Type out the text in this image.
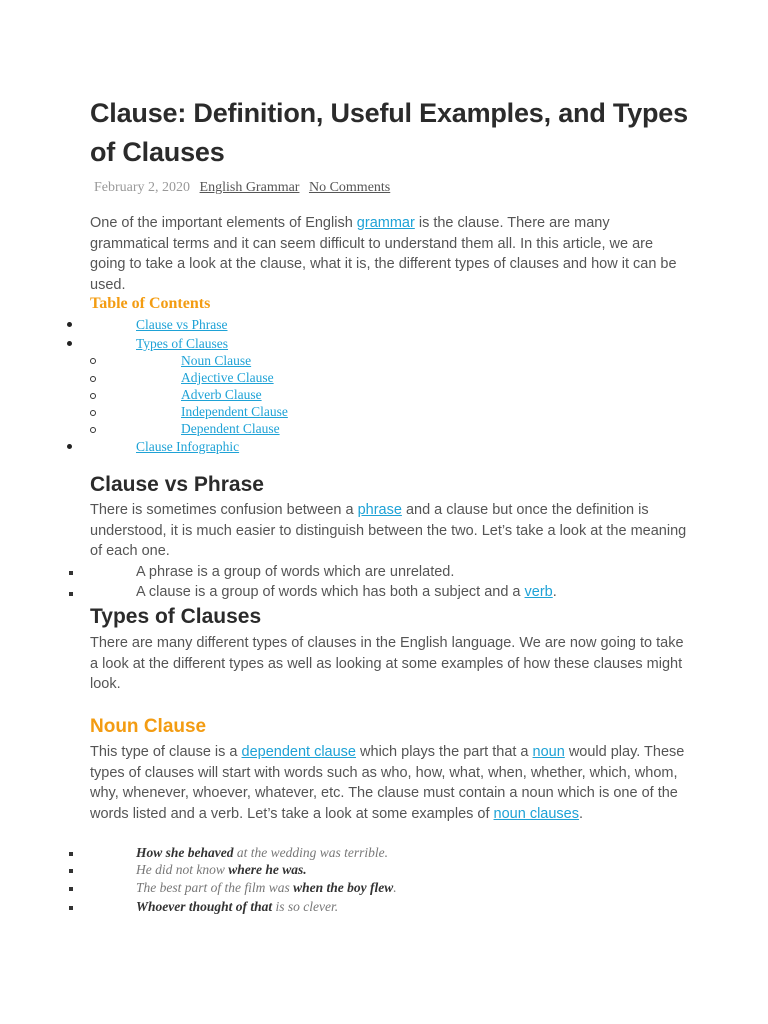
Clause: Definition, Useful Examples, and Types of Clauses
February 2, 2020 English Grammar No Comments

One of the important elements of English grammar is the clause. There are many grammatical terms and it can seem difficult to understand them all. In this article, we are going to take a look at the clause, what it is, the different types of clauses and how it can be used.

Table of Contents
Clause vs Phrase
Types of Clauses
Noun Clause
Adjective Clause
Adverb Clause
Independent Clause
Dependent Clause
Clause Infographic
Clause vs Phrase

There is sometimes confusion between a phrase and a clause but once the definition is understood, it is much easier to distinguish between the two. Let’s take a look at the meaning of each one.

A phrase is a group of words which are unrelated.
A clause is a group of words which has both a subject and a verb.
Types of Clauses

There are many different types of clauses in the English language. We are now going to take a look at the different types as well as looking at some examples of how these clauses might look.

Noun Clause

This type of clause is a dependent clause which plays the part that a noun would play. These types of clauses will start with words such as who, how, what, when, whether, which, whom, why, whenever, whoever, whatever, etc. The clause must contain a noun which is one of the words listed and a verb. Let’s take a look at some examples of noun clauses.

How she behaved at the wedding was terrible.
He did not know where he was.
The best part of the film was when the boy flew.
Whoever thought of that is so clever.
